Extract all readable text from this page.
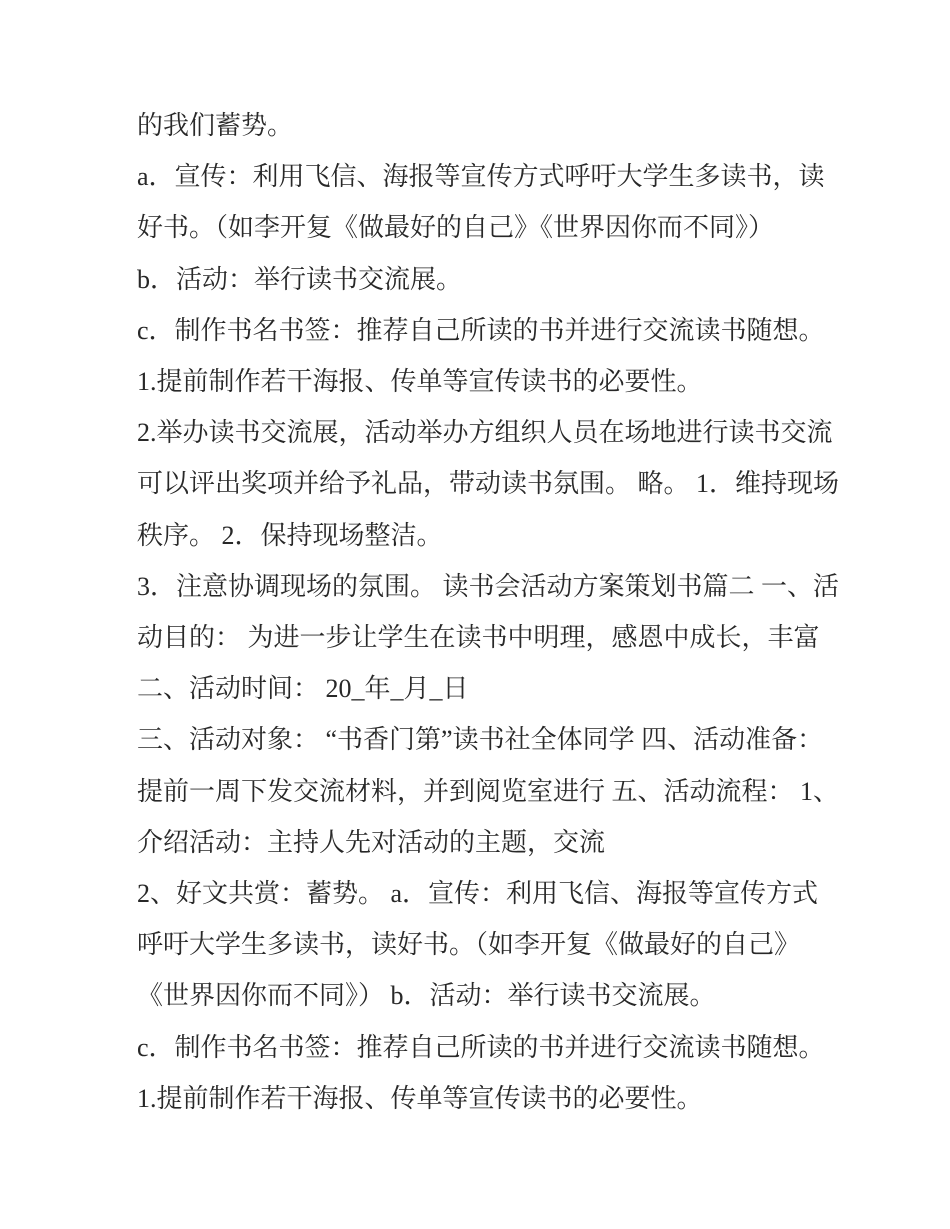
的我们蓄势。

a．宣传：利用飞信、海报等宣传方式呼吁大学生多读书，读

好书。（如李开复《做最好的自己》《世界因你而不同》）

b．活动：举行读书交流展。

c．制作书名书签：推荐自己所读的书并进行交流读书随想。

1.提前制作若干海报、传单等宣传读书的必要性。

2.举办读书交流展，活动举办方组织人员在场地进行读书交流

可以评出奖项并给予礼品，带动读书氛围。 略。 1．维持现场

秩序。 2．保持现场整洁。

3．注意协调现场的氛围。 读书会活动方案策划书篇二 一、活

动目的： 为进一步让学生在读书中明理，感恩中成长，丰富

二、活动时间： 20_年_月_日

三、活动对象： “书香门第”读书社全体同学 四、活动准备：

提前一周下发交流材料，并到阅览室进行 五、活动流程： 1、

介绍活动：主持人先对活动的主题，交流

2、好文共赏：蓄势。 a．宣传：利用飞信、海报等宣传方式

呼吁大学生多读书，读好书。（如李开复《做最好的自己》

《世界因你而不同》） b．活动：举行读书交流展。

c．制作书名书签：推荐自己所读的书并进行交流读书随想。

1.提前制作若干海报、传单等宣传读书的必要性。
